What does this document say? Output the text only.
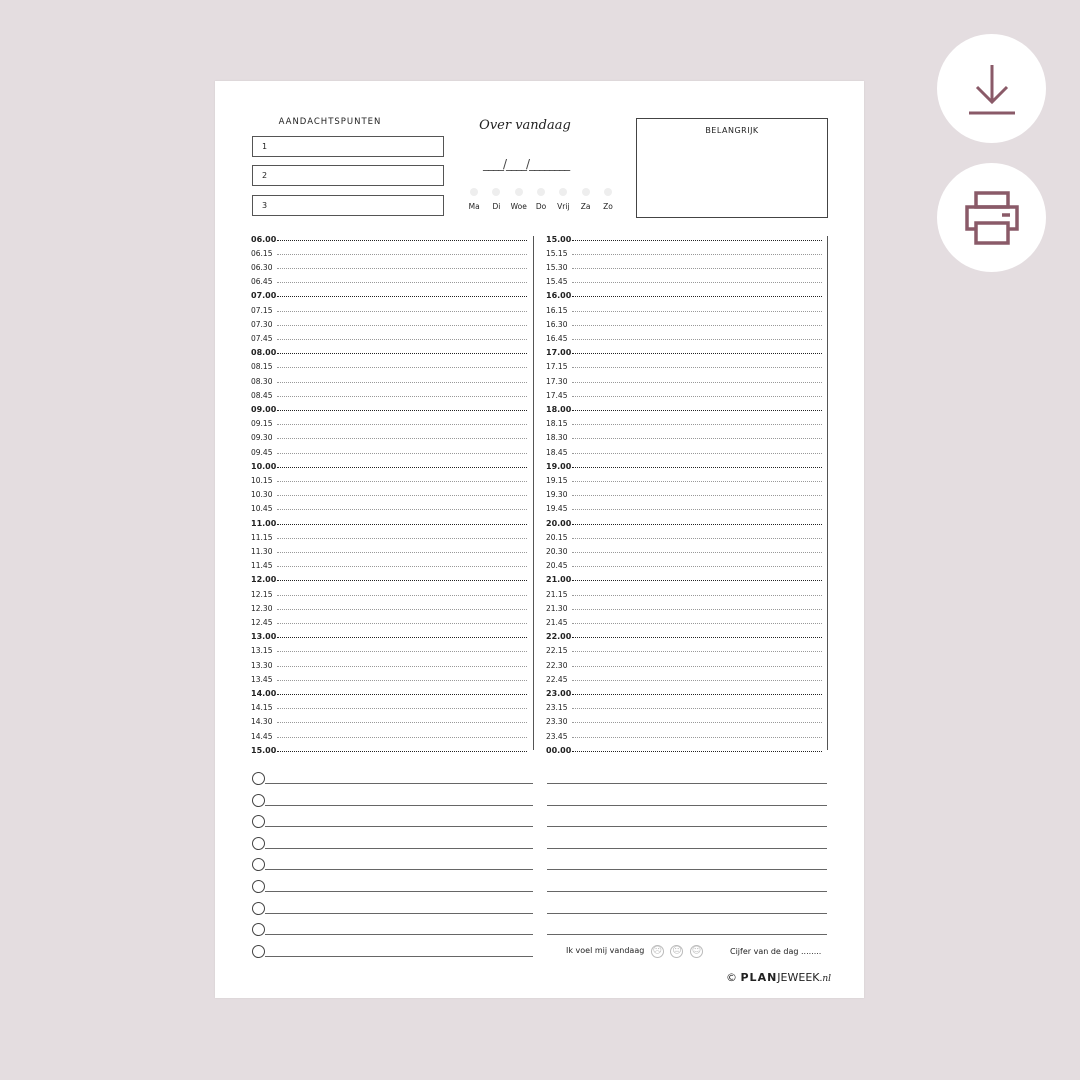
AANDACHTSPUNTEN
1
2
3
Over vandaag
____/____/________
Ma	Di	Woe	Do	Vrij	Za	Zo
BELANGRIJK
06.00
06.15
06.30
06.45
07.00
07.15
07.30
07.45
08.00
08.15
08.30
08.45
09.00
09.15
09.30
09.45
10.00
10.15
10.30
10.45
11.00
11.15
11.30
11.45
12.00
12.15
12.30
12.45
13.00
13.15
13.30
13.45
14.00
14.15
14.30
14.45
15.00
15.00
15.15
15.30
15.45
16.00
16.15
16.30
16.45
17.00
17.15
17.30
17.45
18.00
18.15
18.30
18.45
19.00
19.15
19.30
19.45
20.00
20.15
20.30
20.45
21.00
21.15
21.30
21.45
22.00
22.15
22.30
22.45
23.00
23.15
23.30
23.45
00.00
Ik voel mij vandaag ☹ 😐 ☺	Cijfer van de dag ........
© PLANJEWEEK.nl
